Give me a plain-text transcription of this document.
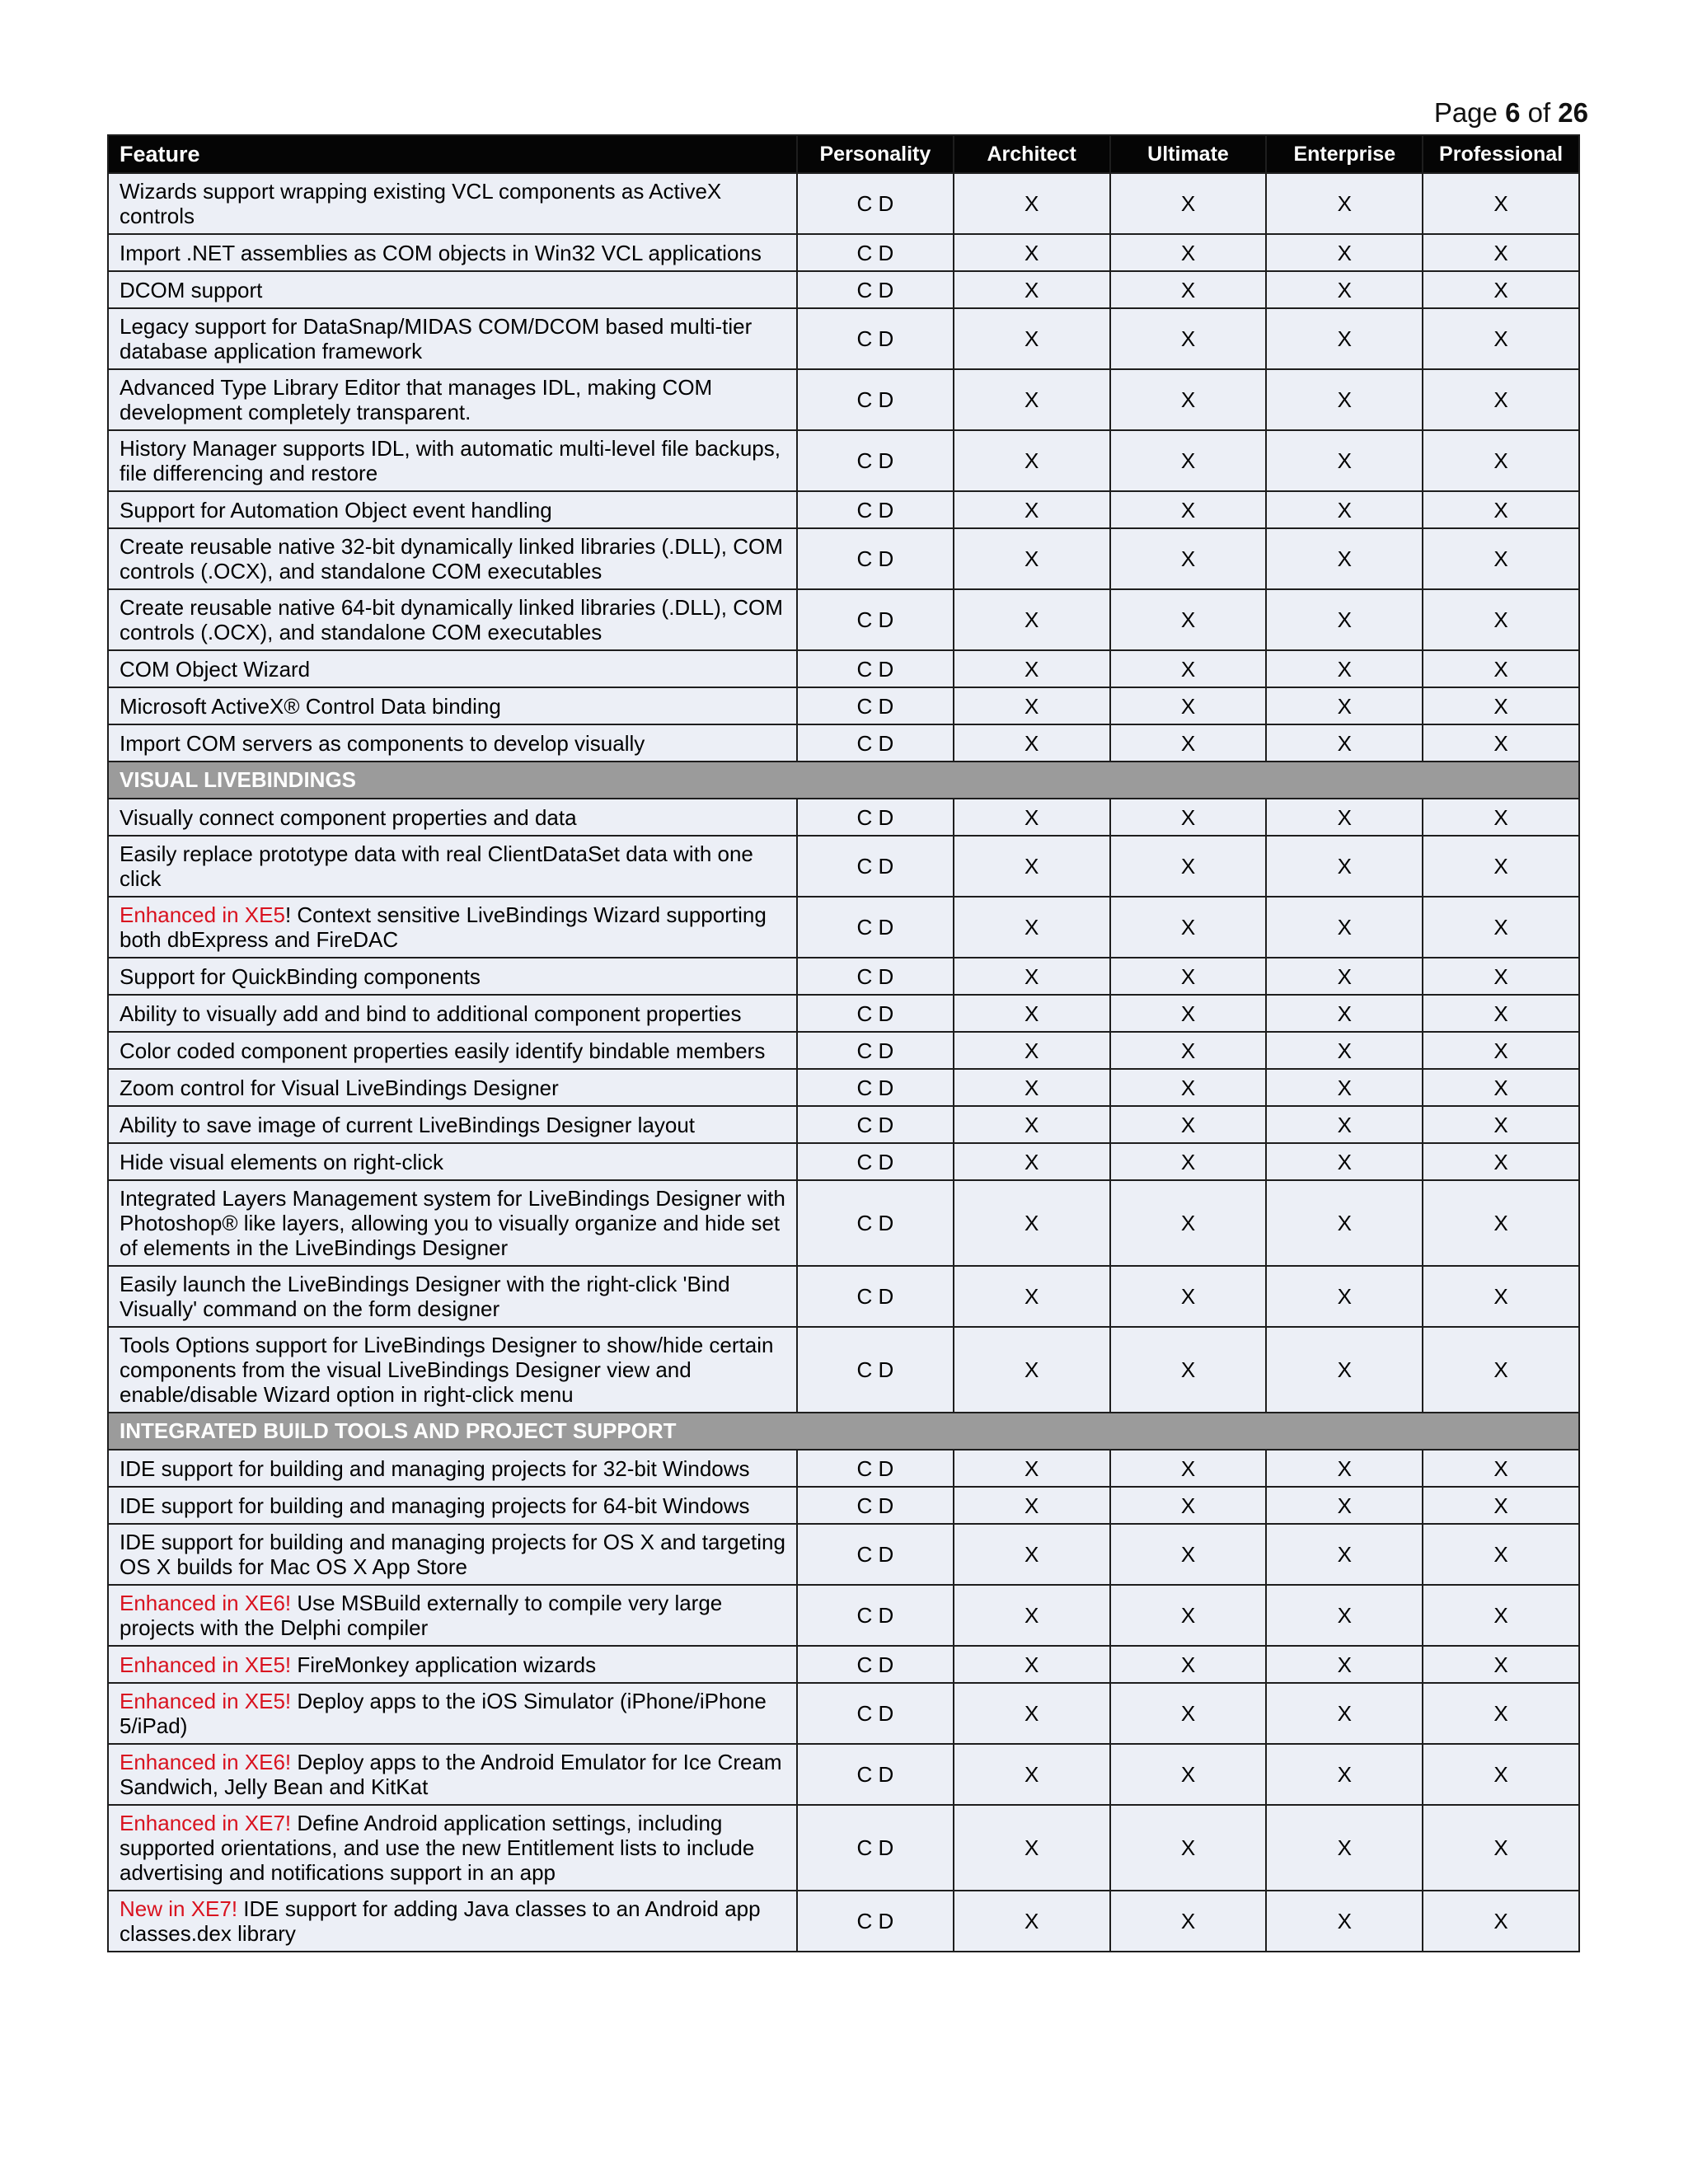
Page 6 of 26
Feature	Personality	Architect	Ultimate	Enterprise	Professional
Wizards support wrapping existing VCL components as ActiveX controls	C D	X	X	X	X
Import .NET assemblies as COM objects in Win32 VCL applications	C D	X	X	X	X
DCOM support	C D	X	X	X	X
Legacy support for DataSnap/MIDAS COM/DCOM based multi-tier database application framework	C D	X	X	X	X
Advanced Type Library Editor that manages IDL, making COM development completely transparent.	C D	X	X	X	X
History Manager supports IDL, with automatic multi-level file backups, file differencing and restore	C D	X	X	X	X
Support for Automation Object event handling	C D	X	X	X	X
Create reusable native 32-bit dynamically linked libraries (.DLL), COM controls (.OCX), and standalone COM executables	C D	X	X	X	X
Create reusable native 64-bit dynamically linked libraries (.DLL), COM controls (.OCX), and standalone COM executables	C D	X	X	X	X
COM Object Wizard	C D	X	X	X	X
Microsoft ActiveX® Control Data binding	C D	X	X	X	X
Import COM servers as components to develop visually	C D	X	X	X	X
VISUAL LIVEBINDINGS					
Visually connect component properties and data	C D	X	X	X	X
Easily replace prototype data with real ClientDataSet data with one click	C D	X	X	X	X
Enhanced in XE5! Context sensitive LiveBindings Wizard supporting both dbExpress and FireDAC	C D	X	X	X	X
Support for QuickBinding components	C D	X	X	X	X
Ability to visually add and bind to additional component properties	C D	X	X	X	X
Color coded component properties easily identify bindable members	C D	X	X	X	X
Zoom control for Visual LiveBindings Designer	C D	X	X	X	X
Ability to save image of current LiveBindings Designer layout	C D	X	X	X	X
Hide visual elements on right-click	C D	X	X	X	X
Integrated Layers Management system for LiveBindings Designer with Photoshop® like layers, allowing you to visually organize and hide set of elements in the LiveBindings Designer	C D	X	X	X	X
Easily launch the LiveBindings Designer with the right-click 'Bind Visually' command on the form designer	C D	X	X	X	X
Tools Options support for LiveBindings Designer to show/hide certain components from the visual LiveBindings Designer view and enable/disable Wizard option in right-click menu	C D	X	X	X	X
INTEGRATED BUILD TOOLS AND PROJECT SUPPORT					
IDE support for building and managing projects for 32-bit Windows	C D	X	X	X	X
IDE support for building and managing projects for 64-bit Windows	C D	X	X	X	X
IDE support for building and managing projects for OS X and targeting OS X builds for Mac OS X App Store	C D	X	X	X	X
Enhanced in XE6! Use MSBuild externally to compile very large projects with the Delphi compiler	C D	X	X	X	X
Enhanced in XE5! FireMonkey application wizards	C D	X	X	X	X
Enhanced in XE5! Deploy apps to the iOS Simulator (iPhone/iPhone 5/iPad)	C D	X	X	X	X
Enhanced in XE6! Deploy apps to the Android Emulator for Ice Cream Sandwich, Jelly Bean and KitKat	C D	X	X	X	X
Enhanced in XE7! Define Android application settings, including supported orientations, and use the new Entitlement lists to include advertising and notifications support in an app	C D	X	X	X	X
New in XE7! IDE support for adding Java classes to an Android app classes.dex library	C D	X	X	X	X
